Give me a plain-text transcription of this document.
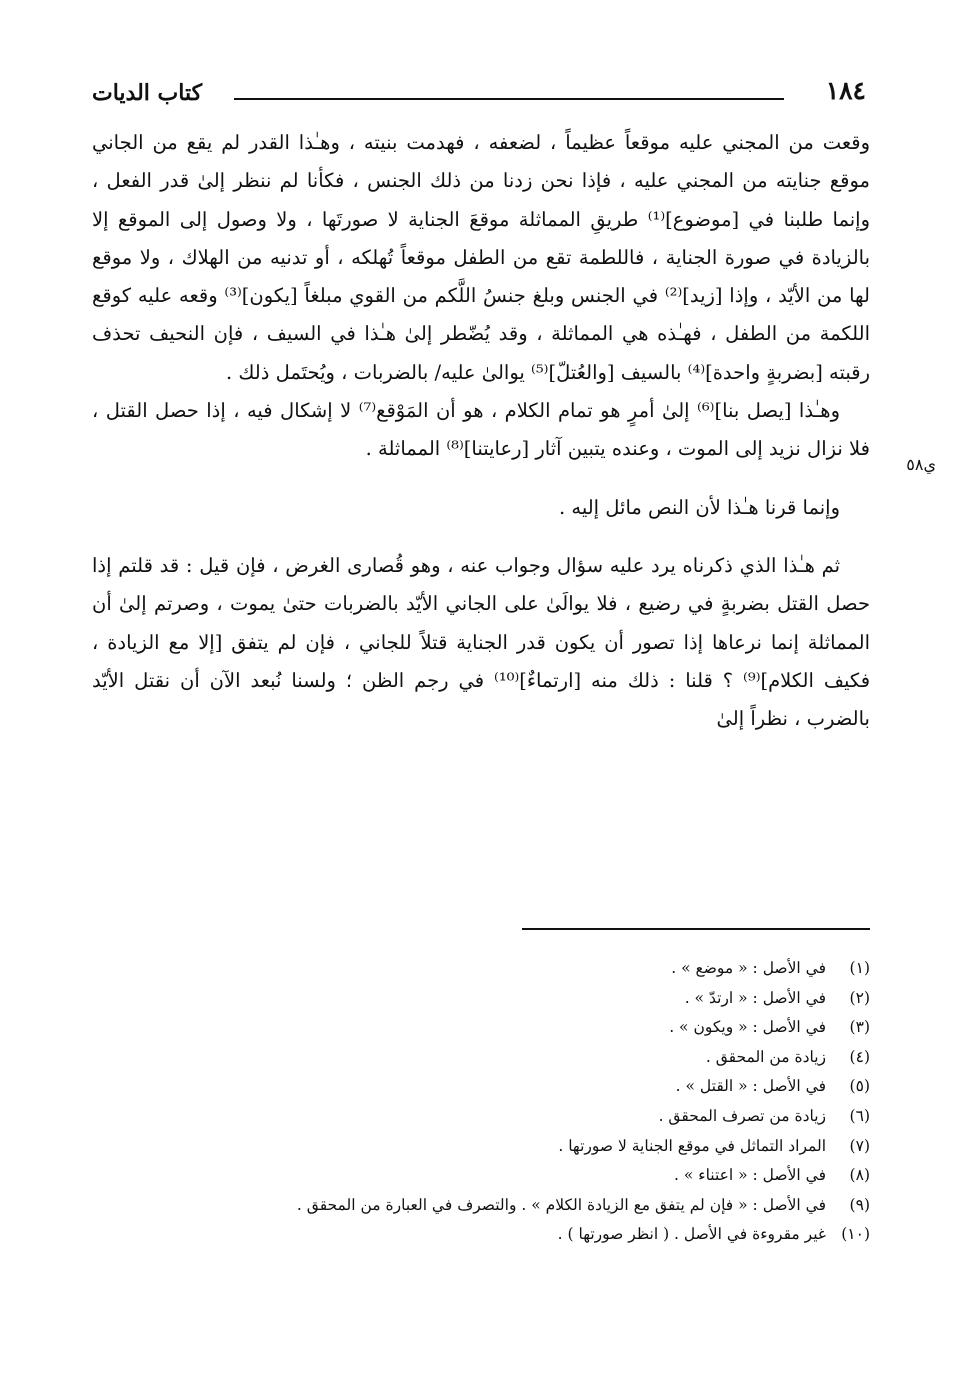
١٨٤
كتاب الديات

وقعت من المجني عليه موقعاً عظيماً ، لضعفه ، فهدمت بنيته ، وهـٰذا القدر لم يقع من الجاني موقع جنايته من المجني عليه ، فإذا نحن زدنا من ذلك الجنس ، فكأنا لم ننظر إلىٰ قدر الفعل ، وإنما طلبنا في [موضوع]⁽¹⁾ طريقِ المماثلة موقعَ الجناية لا صورتَها ، ولا وصول إلى الموقع إلا بالزيادة في صورة الجناية ، فاللطمة تقع من الطفل موقعاً تُهلكه ، أو تدنيه من الهلاك ، ولا موقع لها من الأيّد ، وإذا [زيد]⁽²⁾ في الجنس وبلغ جنسُ اللَّكم من القوي مبلغاً [يكون]⁽³⁾ وقعه عليه كوقع اللكمة من الطفل ، فهـٰذه هي المماثلة ، وقد يُضّطر إلىٰ هـٰذا في السيف ، فإن النحيف تحذف رقبته [بضربةٍ واحدة]⁽⁴⁾ بالسيف [والعُتلّ]⁽⁵⁾ يوالىٰ عليه/ بالضربات ، ويُحتَمل ذلك .

ي٥٨

وهـٰذا [يصل بنا]⁽⁶⁾ إلىٰ أمرٍ هو تمام الكلام ، هو أن المَوْقع⁽⁷⁾ لا إشكال فيه ، إذا حصل القتل ، فلا نزال نزيد إلى الموت ، وعنده يتبين آثار [رعايتنا]⁽⁸⁾ المماثلة .

وإنما قرنا هـٰذا لأن النص مائل إليه .

ثم هـٰذا الذي ذكرناه يرد عليه سؤال وجواب عنه ، وهو قُصارى الغرض ، فإن قيل : قد قلتم إذا حصل القتل بضربةٍ في رضيع ، فلا يوالَىٰ على الجاني الأيّد بالضربات حتىٰ يموت ، وصرتم إلىٰ أن المماثلة إنما نرعاها إذا تصور أن يكون قدر الجناية قتلاً للجاني ، فإن لم يتفق [إلا مع الزيادة ، فكيف الكلام]⁽⁹⁾ ؟ قلنا : ذلك منه [ارتماءٌ]⁽¹⁰⁾ في رجم الظن ؛ ولسنا نُبعد الآن أن نقتل الأيّد بالضرب ، نظراً إلىٰ

(١)
في الأصل : « موضع » .
(٢)
في الأصل : « ارتدّ » .
(٣)
في الأصل : « ويكون » .
(٤)
زيادة من المحقق .
(٥)
في الأصل : « القتل » .
(٦)
زيادة من تصرف المحقق .
(٧)
المراد التماثل في موقع الجناية لا صورتها .
(٨)
في الأصل : « اعتناء » .
(٩)
في الأصل : « فإن لم يتفق مع الزيادة الكلام » . والتصرف في العبارة من المحقق .
(١٠)
غير مقروءة في الأصل . ( انظر صورتها ) .
